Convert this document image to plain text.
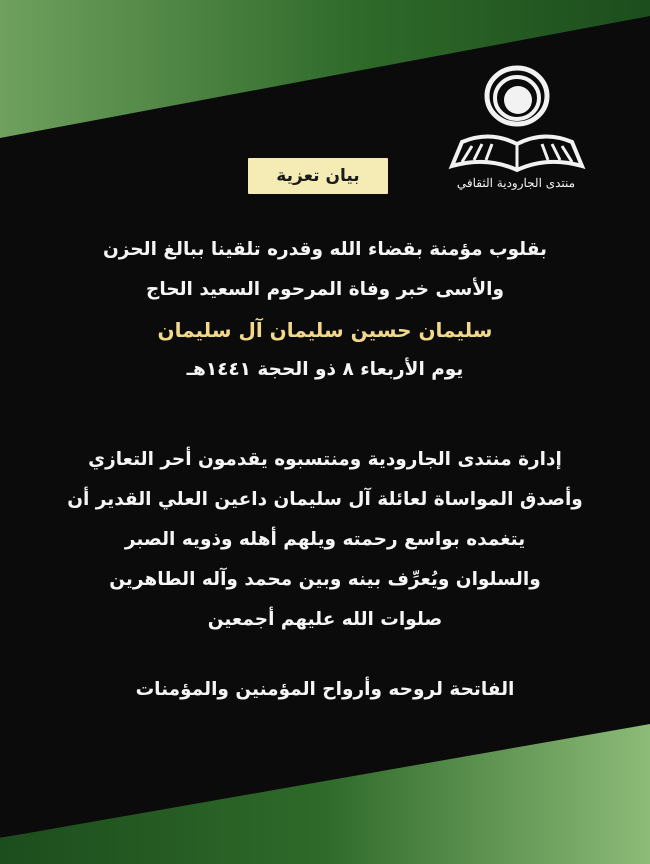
منتدى الجارودية الثقافي
بيان تعزية
بقلوب مؤمنة بقضاء الله وقدره تلقينا ببالغ الحزن
والأسى خبر وفاة المرحوم السعيد الحاج
سليمان حسين سليمان آل سليمان
يوم الأربعاء ٨ ذو الحجة ١٤٤١هـ
إدارة منتدى الجارودية ومنتسبوه يقدمون أحر التعازي
وأصدق المواساة لعائلة آل سليمان داعين العلي القدير أن
يتغمده بواسع رحمته ويلهم أهله وذويه الصبر
والسلوان ويُعرِّف بينه وبين محمد وآله الطاهرين
صلوات الله عليهم أجمعين
الفاتحة لروحه وأرواح المؤمنين والمؤمنات
